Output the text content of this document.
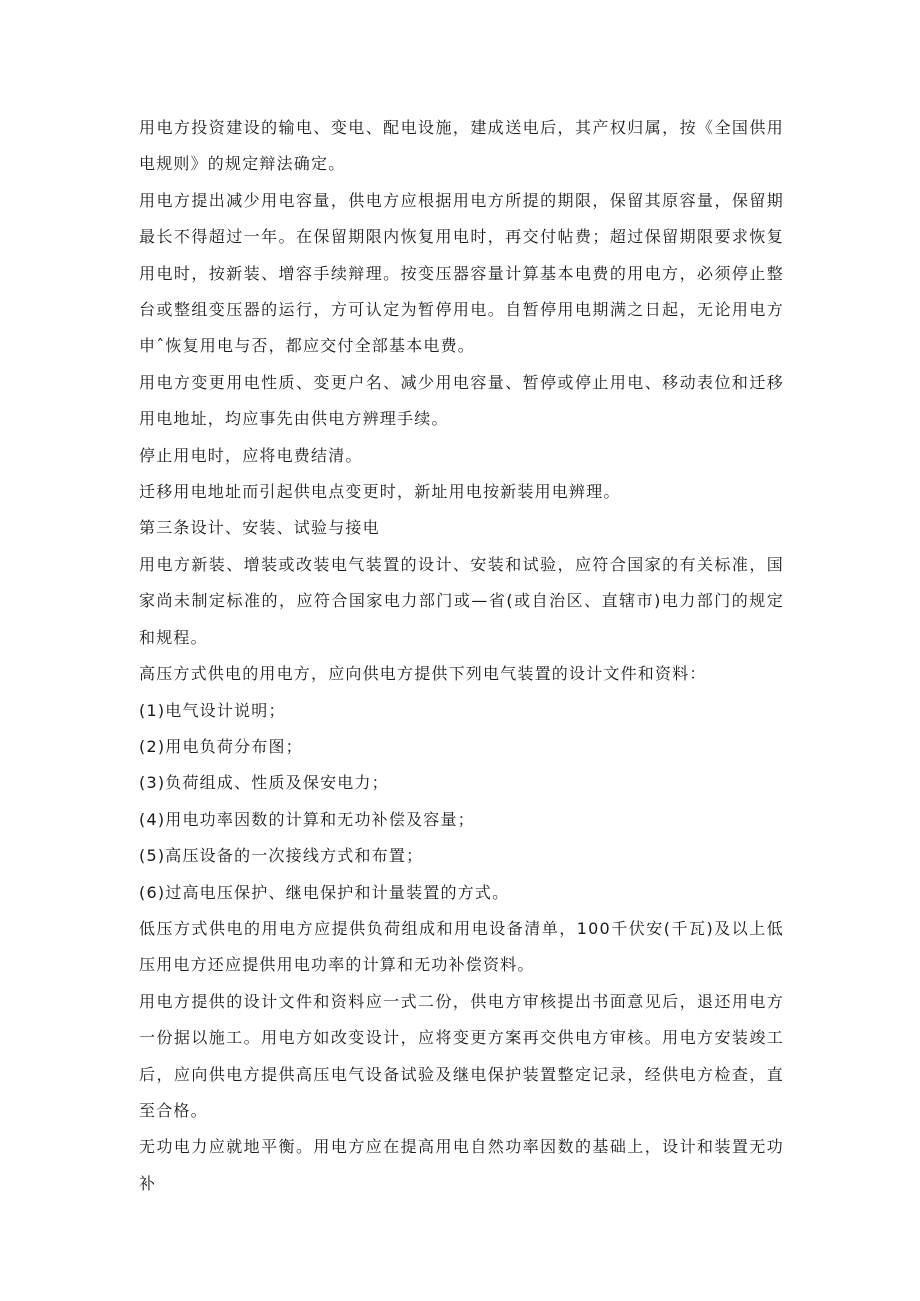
用电方投资建设的输电、变电、配电设施，建成送电后，其产权归属，按《全国供用电规则》的规定辩法确定。

用电方提出减少用电容量，供电方应根据用电方所提的期限，保留其原容量，保留期最长不得超过一年。在保留期限内恢复用电时，再交付帖费；超过保留期限要求恢复用电时，按新装、增容手续辩理。按变压器容量计算基本电费的用电方，必须停止整台或整组变压器的运行，方可认定为暂停用电。自暂停用电期满之日起，无论用电方申ˆ恢复用电与否，都应交付全部基本电费。

用电方变更用电性质、变更户名、减少用电容量、暂停或停止用电、移动表位和迁移用电地址，均应事先由供电方辨理手续。

停止用电时，应将电费结清。

迁移用电地址而引起供电点变更时，新址用电按新装用电辨理。

第三条设计、安装、试验与接电

用电方新装、增装或改装电气装置的设计、安装和试验，应符合国家的有关标准，国家尚未制定标准的，应符合国家电力部门或—省(或自治区、直辖市)电力部门的规定和规程。

高压方式供电的用电方，应向供电方提供下列电气装置的设计文件和资料：

(1)电气设计说明；

(2)用电负荷分布图；

(3)负荷组成、性质及保安电力；

(4)用电功率因数的计算和无功补偿及容量；

(5)高压设备的一次接线方式和布置；

(6)过高电压保护、继电保护和计量装置的方式。

低压方式供电的用电方应提供负荷组成和用电设备清单，100千伏安(千瓦)及以上低压用电方还应提供用电功率的计算和无功补偿资料。

用电方提供的设计文件和资料应一式二份，供电方审核提出书面意见后，退还用电方一份据以施工。用电方如改变设计，应将变更方案再交供电方审核。用电方安装竣工后，应向供电方提供高压电气设备试验及继电保护装置整定记录，经供电方检查，直至合格。

无功电力应就地平衡。用电方应在提高用电自然功率因数的基础上，设计和装置无功补
